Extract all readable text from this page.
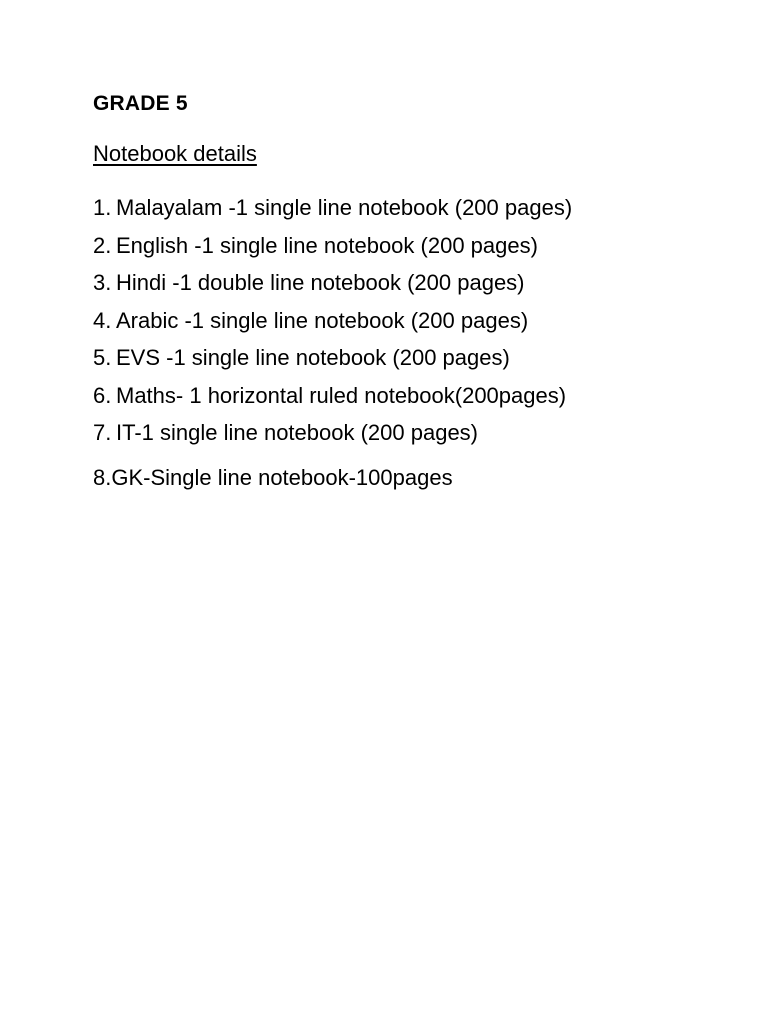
GRADE 5
Notebook details
1. Malayalam -1 single line notebook (200 pages)
2. English -1 single line notebook (200 pages)
3. Hindi -1 double line notebook (200 pages)
4. Arabic -1 single line notebook (200 pages)
5. EVS -1 single line notebook (200 pages)
6. Maths- 1 horizontal ruled notebook(200pages)
7. IT-1 single line notebook (200 pages)
8.GK-Single line notebook-100pages
